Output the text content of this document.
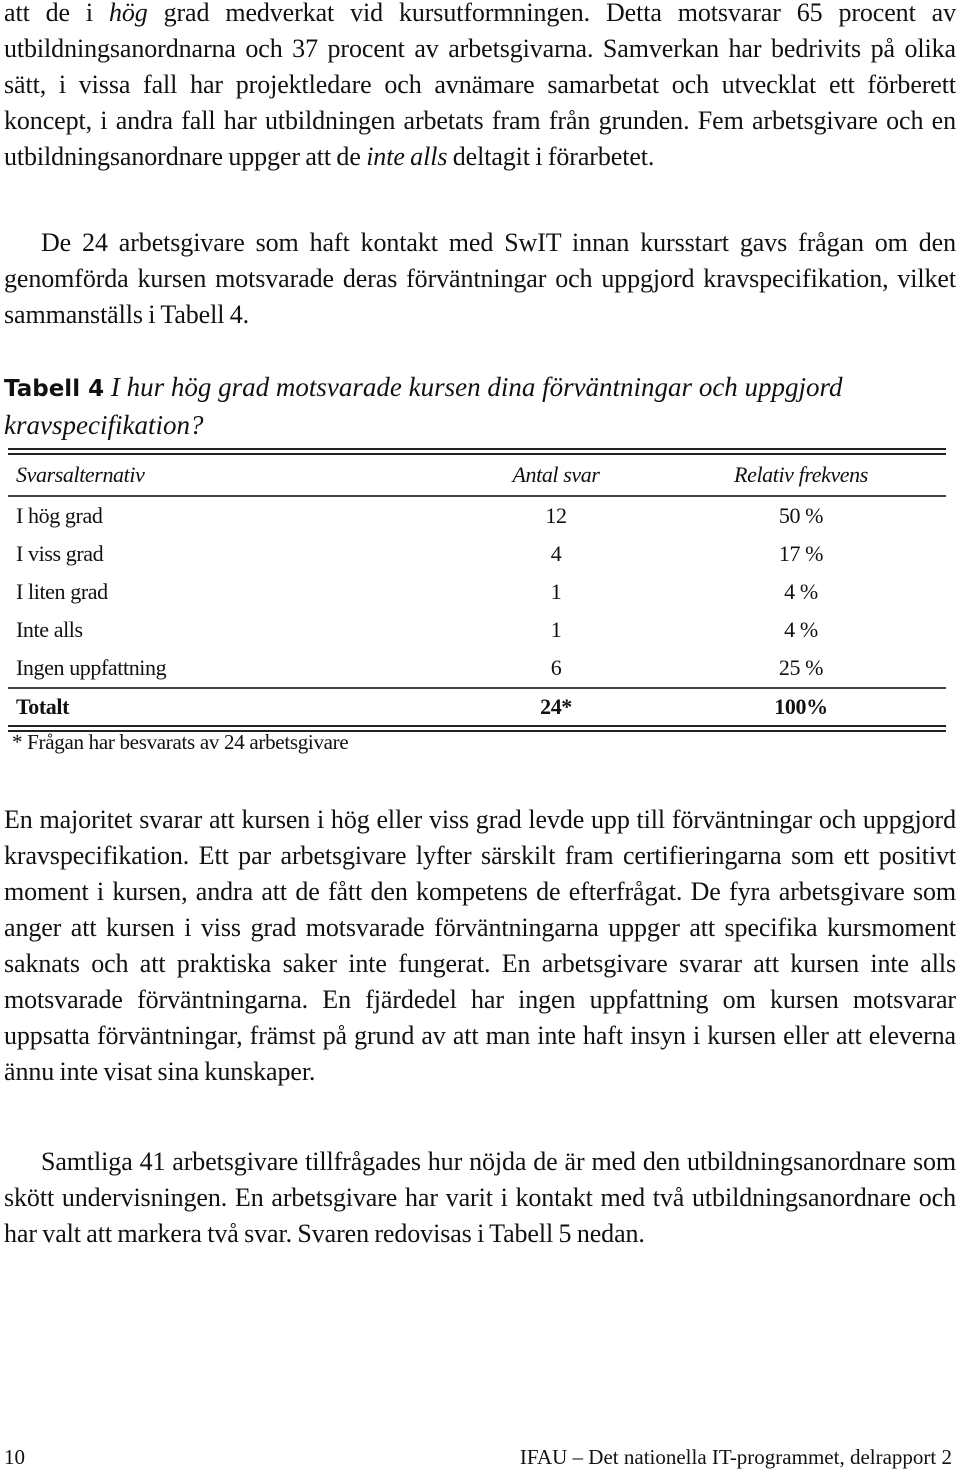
att de i hög grad medverkat vid kursutformningen. Detta motsvarar 65 procent av utbildningsanordnarna och 37 procent av arbetsgivarna. Samverkan har bedrivits på olika sätt, i vissa fall har projektledare och avnämare samarbetat och utvecklat ett förberett koncept, i andra fall har utbildningen arbetats fram från grunden. Fem arbetsgivare och en utbildningsanordnare uppger att de inte alls deltagit i förarbetet.

De 24 arbetsgivare som haft kontakt med SwIT innan kursstart gavs frågan om den genomförda kursen motsvarade deras förväntningar och uppgjord kravspecifikation, vilket sammanställs i Tabell 4.

Tabell 4 I hur hög grad motsvarade kursen dina förväntningar och uppgjord kravspecifikation?

Svarsalternativ	Antal svar	Relativ frekvens
I hög grad	12	50 %
I viss grad	4	17 %
I liten grad	1	4 %
Inte alls	1	4 %
Ingen uppfattning	6	25 %
Totalt	24*	100%
* Frågan har besvarats av 24 arbetsgivare

En majoritet svarar att kursen i hög eller viss grad levde upp till förväntningar och uppgjord kravspecifikation. Ett par arbetsgivare lyfter särskilt fram certifieringarna som ett positivt moment i kursen, andra att de fått den kompetens de efterfrågat. De fyra arbetsgivare som anger att kursen i viss grad motsvarade förväntningarna uppger att specifika kursmoment saknats och att praktiska saker inte fungerat. En arbetsgivare svarar att kursen inte alls motsvarade förväntningarna. En fjärdedel har ingen uppfattning om kursen motsvarar uppsatta förväntningar, främst på grund av att man inte haft insyn i kursen eller att eleverna ännu inte visat sina kunskaper.

Samtliga 41 arbetsgivare tillfrågades hur nöjda de är med den utbildningsanordnare som skött undervisningen. En arbetsgivare har varit i kontakt med två utbildningsanordnare och har valt att markera två svar. Svaren redovisas i Tabell 5 nedan.

10	IFAU – Det nationella IT-programmet, delrapport 2
